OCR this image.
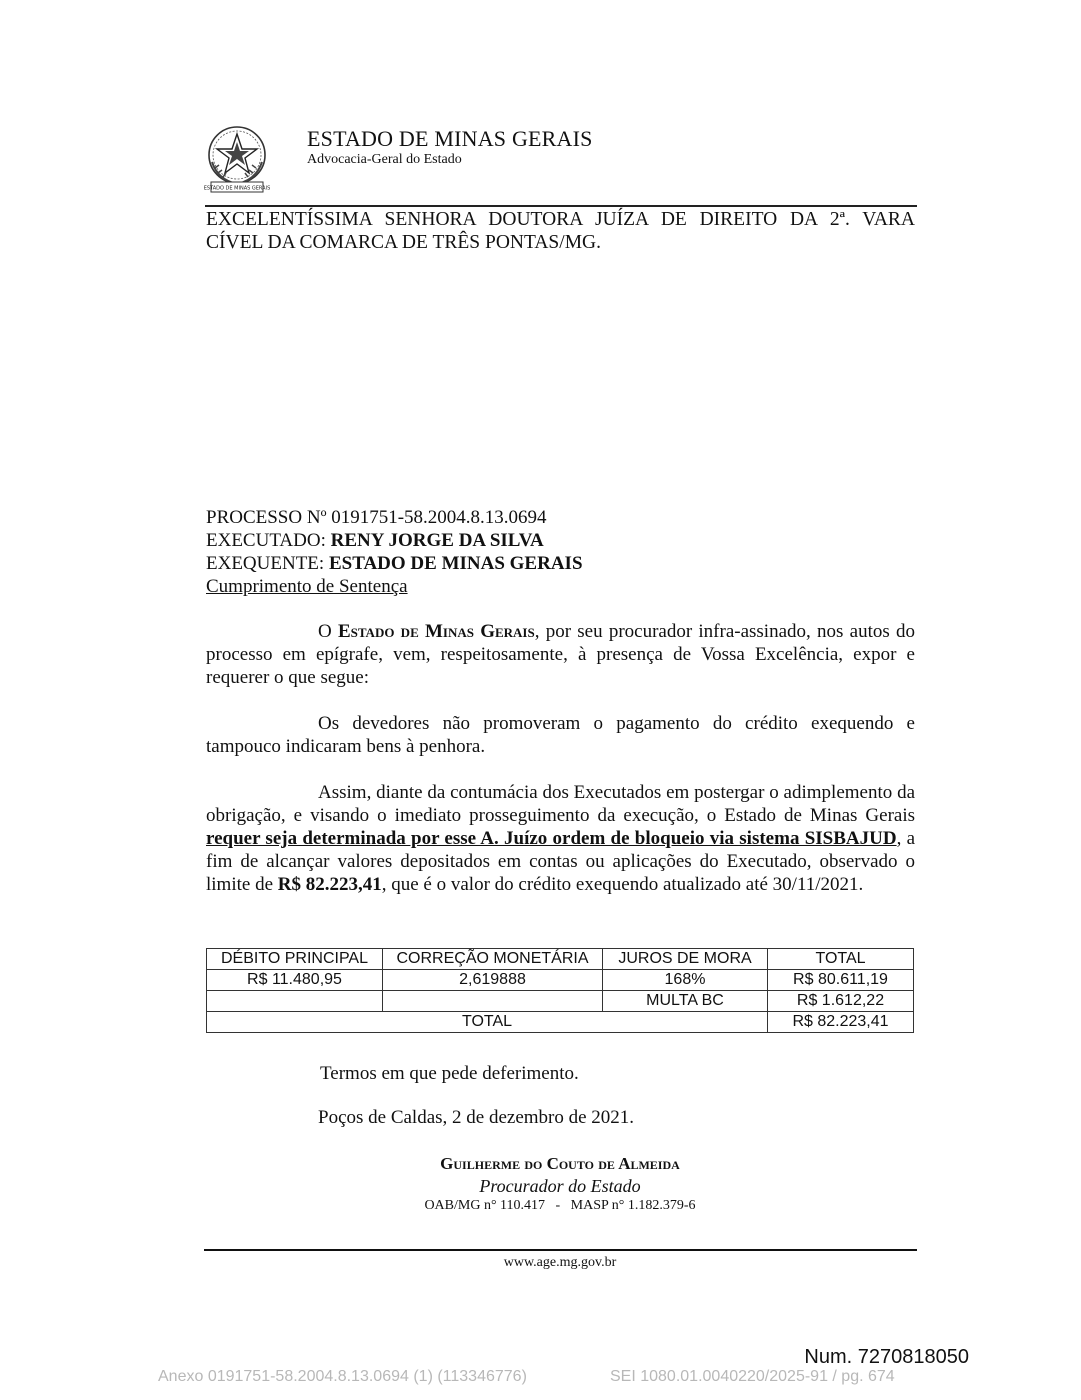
ESTADO DE MINAS GERAIS
ESTADO DE MINAS GERAIS
Advocacia-Geral do Estado
EXCELENTÍSSIMA SENHORA DOUTORA JUÍZA DE DIREITO DA 2ª. VARA
CÍVEL DA COMARCA DE TRÊS PONTAS/MG.
PROCESSO Nº 0191751-58.2004.8.13.0694
EXECUTADO: RENY JORGE DA SILVA
EXEQUENTE: ESTADO DE MINAS GERAIS
Cumprimento de Sentença
O Estado de Minas Gerais, por seu procurador infra-assinado, nos autos do processo em epígrafe, vem, respeitosamente, à presença de Vossa Excelência, expor e requerer o que segue:
Os devedores não promoveram o pagamento do crédito exequendo e tampouco indicaram bens à penhora.
Assim, diante da contumácia dos Executados em postergar o adimplemento da obrigação, e visando o imediato prosseguimento da execução, o Estado de Minas Gerais requer seja determinada por esse A. Juízo ordem de bloqueio via sistema SISBAJUD, a fim de alcançar valores depositados em contas ou aplicações do Executado, observado o limite de R$ 82.223,41, que é o valor do crédito exequendo atualizado até 30/11/2021.
DÉBITO PRINCIPAL	CORREÇÃO MONETÁRIA	JUROS DE MORA	TOTAL
R$ 11.480,95	2,619888	168%	R$ 80.611,19
		MULTA BC	R$ 1.612,22
TOTAL			R$ 82.223,41
Termos em que pede deferimento.
Poços de Caldas, 2 de dezembro de 2021.
Guilherme do Couto de Almeida
Procurador do Estado
OAB/MG n° 110.417   -   MASP n° 1.182.379-6
www.age.mg.gov.br
Num. 7270818050
Anexo 0191751-58.2004.8.13.0694 (1) (113346776)	SEI 1080.01.0040220/2025-91 / pg. 674
